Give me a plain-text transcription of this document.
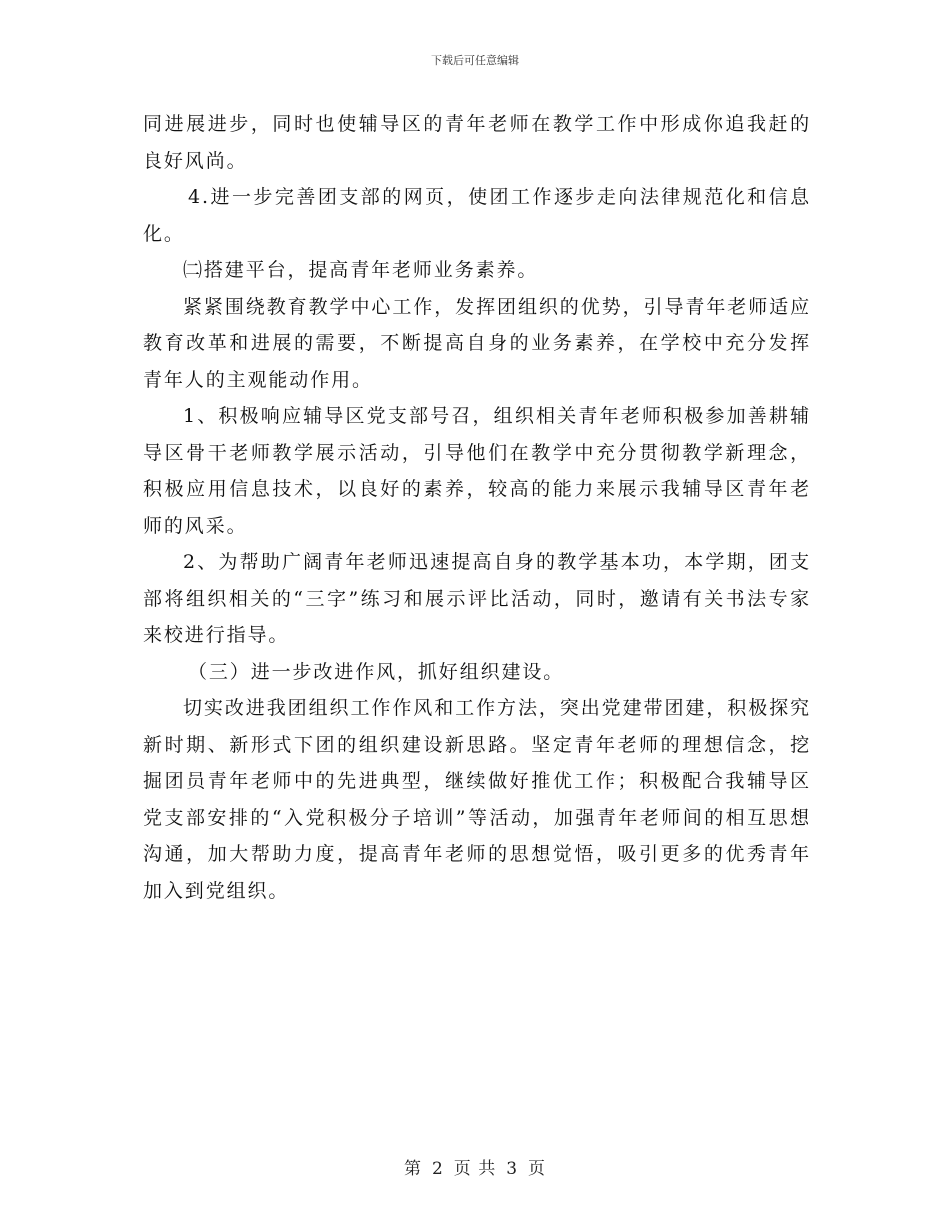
下载后可任意编辑

同进展进步，同时也使辅导区的青年老师在教学工作中形成你追我赶的良好风尚。

4.进一步完善团支部的网页，使团工作逐步走向法律规范化和信息化。

㈡搭建平台，提高青年老师业务素养。

紧紧围绕教育教学中心工作，发挥团组织的优势，引导青年老师适应教育改革和进展的需要，不断提高自身的业务素养，在学校中充分发挥青年人的主观能动作用。

1、积极响应辅导区党支部号召，组织相关青年老师积极参加善耕辅导区骨干老师教学展示活动，引导他们在教学中充分贯彻教学新理念，积极应用信息技术，以良好的素养，较高的能力来展示我辅导区青年老师的风采。

2、为帮助广阔青年老师迅速提高自身的教学基本功，本学期，团支部将组织相关的“三字”练习和展示评比活动，同时，邀请有关书法专家来校进行指导。

（三）进一步改进作风，抓好组织建设。

切实改进我团组织工作作风和工作方法，突出党建带团建，积极探究新时期、新形式下团的组织建设新思路。坚定青年老师的理想信念，挖掘团员青年老师中的先进典型，继续做好推优工作；积极配合我辅导区党支部安排的“入党积极分子培训”等活动，加强青年老师间的相互思想沟通，加大帮助力度，提高青年老师的思想觉悟，吸引更多的优秀青年加入到党组织。

第 2 页 共 3 页
